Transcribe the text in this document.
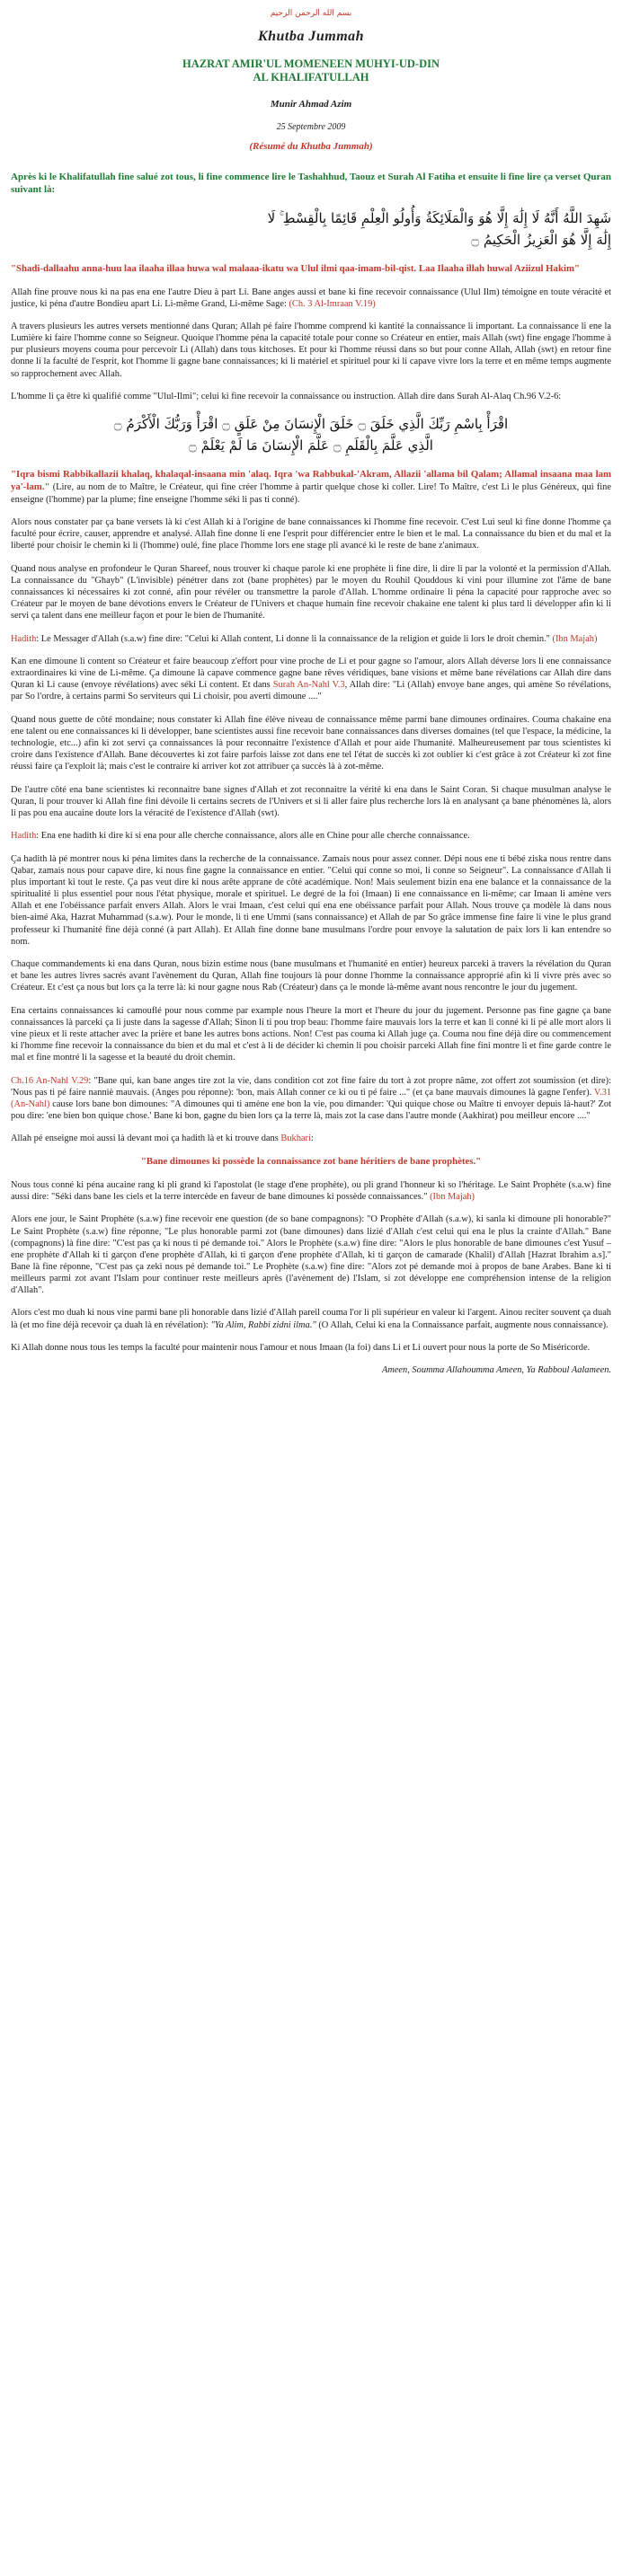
بسم الله الرحمن الرحيم
Khutba Jummah
HAZRAT AMIR'UL MOMENEEN MUHYI-UD-DIN
AL KHALIFATULLAH
Munir Ahmad Azim
25 Septembre 2009
(Résumé du Khutba Jummah)

Après ki le Khalifatullah fine salué zot tous, li fine commence lire le Tashahhud, Taouz et Surah Al Fatiha et ensuite li fine lire ça verset Quran suivant là:

شَهِدَ اللَّهُ أَنَّهُ لَا إِلَٰهَ إِلَّا هُوَ وَالْمَلَائِكَةُ وَأُولُو الْعِلْمِ قَائِمًا بِالْقِسْطِ ۚ لَا
إِلَٰهَ إِلَّا هُوَ الْعَزِيزُ الْحَكِيمُ ۝

"Shadi-dallaahu anna-huu laa ilaaha illaa huwa wal malaaa-ikatu wa Ulul ilmi qaa-imam-bil-qist. Laa Ilaaha illah huwal Aziizul Hakim"

Allah fine prouve nous ki na pas ena ene l'autre Dieu à part Li. Bane anges aussi et bane ki fine recevoir connaissance (Ulul Ilm) témoigne en toute véracité et justice, ki péna d'autre Bondieu apart Li. Li-même Grand, Li-même Sage: (Ch. 3 Al-Imraan V.19)

A travers plusieurs les autres versets mentionné dans Quran; Allah pé faire l'homme comprend ki kantité la connaissance li important. La connaissance li ene la Lumière ki faire l'homme conne so Seigneur. Quoique l'homme péna la capacité totale pour conne so Créateur en entier, mais Allah (swt) fine engage l'homme à pur plusieurs moyens couma pour percevoir Li (Allah) dans tous kitchoses. Et pour ki l'homme réussi dans so but pour conne Allah, Allah (swt) en retour fine donne li la faculté de l'esprit, kot l'homme li gagne bane connaissances; ki li matériel et spirituel pour ki li capave vivre lors la terre et en même temps augmente so rapprochement avec Allah.

L'homme li ça être ki qualifié comme "Ulul-Ilmi"; celui ki fine recevoir la connaissance ou instruction. Allah dire dans Surah Al-Alaq Ch.96 V.2-6:

اقْرَأْ بِاسْمِ رَبِّكَ الَّذِي خَلَقَ ۝ خَلَقَ الْإِنسَانَ مِنْ عَلَقٍ ۝ اقْرَأْ وَرَبُّكَ الْأَكْرَمُ ۝
الَّذِي عَلَّمَ بِالْقَلَمِ ۝ عَلَّمَ الْإِنسَانَ مَا لَمْ يَعْلَمْ ۝

"Iqra bismi Rabbikallazii khalaq, khalaqal-insaana min 'alaq. Iqra 'wa Rabbukal-'Akram, Allazii 'allama bil Qalam; Allamal insaana maa lam ya'-lam." (Lire, au nom de to Maître, le Créateur, qui fine créer l'homme à partir quelque chose ki coller. Lire! To Maître, c'est Li le plus Généreux, qui fine enseigne (l'homme) par la plume; fine enseigne l'homme séki li pas ti conné).

Alors nous constater par ça bane versets là ki c'est Allah ki à l'origine de bane connaissances ki l'homme fine recevoir. C'est Lui seul ki fine donne l'homme ça faculté pour écrire, causer, apprendre et analysé. Allah fine donne li ene l'esprit pour différencier entre le bien et le mal. La connaissance du bien et du mal et la liberté pour choisir le chemin ki li (l'homme) oulé, fine place l'homme lors ene stage pli avancé ki le reste de bane z'animaux.

Quand nous analyse en profondeur le Quran Shareef, nous trouver ki chaque parole ki ene prophète li fine dire, li dire li par la volonté et la permission d'Allah. La connaissance du "Ghayb" (L'invisible) pénétrer dans zot (bane prophètes) par le moyen du Rouhil Qouddous ki vini pour illumine zot l'âme de bane connaissances ki nécessaires ki zot conné, afin pour révéler ou transmettre la parole d'Allah. L'homme ordinaire li péna la capacité pour rapproche avec so Créateur par le moyen de bane dévotions envers le Créateur de l'Univers et chaque humain fine recevoir chakaine ene talent ki plus tard li développer afin ki li servi ça talent dans ene meilleur façon et pour le bien de l'humanité.

Hadith: Le Messager d'Allah (s.a.w) fine dire: "Celui ki Allah content, Li donne li la connaissance de la religion et guide li lors le droit chemin." (Ibn Majah)

Kan ene dimoune li content so Créateur et faire beaucoup z'effort pour vine proche de Li et pour gagne so l'amour, alors Allah déverse lors li ene connaissance extraordinaires ki vine de Li-même. Ça dimoune là capave commence gagne bane rêves véridiques, bane visions et même bane révélations car Allah dire dans Quran ki Li cause (envoye révélations) avec séki Li content. Et dans Surah An-Nahl V.3, Allah dire: "Li (Allah) envoye bane anges, qui amène So révélations, par So l'ordre, à certains parmi So serviteurs qui Li choisir, pou averti dimoune ...."

Quand nous guette de côté mondaine; nous constater ki Allah fine élève niveau de connaissance même parmi bane dimounes ordinaires. Couma chakaine ena ene talent ou ene connaissances ki li développer, bane scientistes aussi fine recevoir bane connaissances dans diverses domaines (tel que l'espace, la médicine, la technologie, etc...) afin ki zot servi ça connaissances là pour reconnaitre l'existence d'Allah et pour aide l'humanité. Malheureusement par tous scientistes ki croire dans l'existence d'Allah. Bane découvertes ki zot faire parfois laisse zot dans ene tel l'état de succès ki zot oublier ki c'est grâce à zot Créateur ki zot fine réussi faire ça l'exploit là; mais c'est le contraire ki arriver kot zot attribuer ça succès là à zot-même.

De l'autre côté ena bane scientistes ki reconnaitre bane signes d'Allah et zot reconnaitre la vérité ki ena dans le Saint Coran. Si chaque musulman analyse le Quran, li pour trouver ki Allah fine fini dévoile li certains secrets de l'Univers et si li aller faire plus recherche lors là en analysant ça bane phénomènes là, alors li pas pou ena aucaine doute lors la véracité de l'existence d'Allah (swt).

Hadith: Ena ene hadith ki dire ki si ena pour alle cherche connaissance, alors alle en Chine pour alle cherche connaissance.

Ça hadith là pé montrer nous ki péna limites dans la recherche de la connaissance. Zamais nous pour assez conner. Dépi nous ene ti bébé ziska nous rentre dans Qabar, zamais nous pour capave dire, ki nous fine gagne la connaissance en entier. "Celui qui conne so moi, li conne so Seigneur". La connaissance d'Allah li plus important ki tout le reste. Ça pas veut dire ki nous arête apprane de côté académique. Non! Mais seulement bizin ena ene balance et la connaissance de la spiritualité li plus essentiel pour nous l'état physique, morale et spirituel. Le degré de la foi (Imaan) li ene connaissance en li-même; car Imaan li amène vers Allah et ene l'obéissance parfait envers Allah. Alors le vrai Imaan, c'est celui qui ena ene obéissance parfait pour Allah. Nous trouve ça modèle là dans nous bien-aimé Aka, Hazrat Muhammad (s.a.w). Pour le monde, li ti ene Ummi (sans connaissance) et Allah de par So grâce immense fine faire li vine le plus grand professeur ki l'humanité fine déjà conné (à part Allah). Et Allah fine donne bane musulmans l'ordre pour envoye la salutation de paix lors li kan entendre so nom.

Chaque commandements ki ena dans Quran, nous bizin estime nous (bane musulmans et l'humanité en entier) heureux parceki à travers la révélation du Quran et bane les autres livres sacrés avant l'avènement du Quran, Allah fine toujours là pour donne l'homme la connaissance approprié afin ki li vivre près avec so Créateur. Et c'est ça nous but lors ça la terre là: ki nour gagne nous Rab (Créateur) dans ça le monde là-même avant nous rencontre le jour du jugement.

Ena certains connaissances ki camouflé pour nous comme par example nous l'heure la mort et l'heure du jour du jugement. Personne pas fine gagne ça bane connaissances là parceki ça li juste dans la sagesse d'Allah; Sinon li ti pou trop beau: l'homme faire mauvais lors la terre et kan li conné ki li pé alle mort alors li vine pieux et li reste attacher avec la prière et bane les autres bons actions. Non! C'est pas couma ki Allah juge ça. Couma nou fine déjà dire ou commencement ki l'homme fine recevoir la connaissance du bien et du mal et c'est à li de décider ki chemin li pou choisir parceki Allah fine fini montre li et fine garde contre le mal et fine montré li la sagesse et la beauté du droit chemin.

Ch.16 An-Nahl V.29: "Bane qui, kan bane anges tire zot la vie, dans condition cot zot fine faire du tort à zot propre nâme, zot offert zot soumission (et dire): 'Nous pas ti pé faire nanniè mauvais. (Anges pou réponne): 'bon, mais Allah conner ce ki ou ti pé faire ..." (et ça bane mauvais dimounes là gagne l'enfer). V.31 (An-Nahl) cause lors bane bon dimounes: "A dimounes qui ti amène ene bon la vie, pou dimander: 'Qui quique chose ou Maître ti envoyer depuis là-haut?' Zot pou dire: 'ene bien bon quique chose.' Bane ki bon, gagne du bien lors ça la terre là, mais zot la case dans l'autre monde (Aakhirat) pou meilleur encore ...."

Allah pé enseigne moi aussi là devant moi ça hadith là et ki trouve dans Bukhari:

"Bane dimounes ki possède la connaissance zot bane héritiers de bane prophètes."

Nous tous conné ki péna aucaine rang ki pli grand ki l'apostolat (le stage d'ene prophète), ou pli grand l'honneur ki so l'héritage. Le Saint Prophète (s.a.w) fine aussi dire: "Séki dans bane les ciels et la terre intercède en faveur de bane dimounes ki possède connaissances." (Ibn Majah)

Alors ene jour, le Saint Prophète (s.a.w) fine recevoir ene question (de so bane compagnons): "O Prophète d'Allah (s.a.w), ki sanla ki dimoune pli honorable?" Le Saint Prophète (s.a.w) fine réponne, "Le plus honorable parmi zot (bane dimounes) dans lizié d'Allah c'est celui qui ena le plus la crainte d'Allah." Bane (compagnons) là fine dire: "C'est pas ça ki nous ti pé demande toi." Alors le Prophète (s.a.w) fine dire: "Alors le plus honorable de bane dimounes c'est Yusuf – ene prophète d'Allah ki ti garçon d'ene prophète d'Allah, ki ti garçon d'ene prophète d'Allah, ki ti garçon de camarade (Khalil) d'Allah [Hazrat Ibrahim a.s]." Bane là fine réponne, "C'est pas ça zeki nous pé demande toi." Le Prophète (s.a.w) fine dire: "Alors zot pé demande moi à propos de bane Arabes. Bane ki ti meilleurs parmi zot avant l'Islam pour continuer reste meilleurs après (l'avènement de) l'Islam, si zot développe ene compréhension intense de la religion d'Allah".

Alors c'est mo duah ki nous vine parmi bane pli honorable dans lizié d'Allah pareil couma l'or li pli supérieur en valeur ki l'argent. Ainou reciter souvent ça duah là (et mo fine déjà recevoir ça duah là en révélation): "Ya Alim, Rabbi zidni ilma." (O Allah, Celui ki ena la Connaissance parfait, augmente nous connaissance).

Ki Allah donne nous tous les temps la faculté pour maintenir nous l'amour et nous Imaan (la foi) dans Li et Li ouvert pour nous la porte de So Miséricorde.

Ameen, Soumma Allahoumma Ameen, Ya Rabboul Aalameen.
